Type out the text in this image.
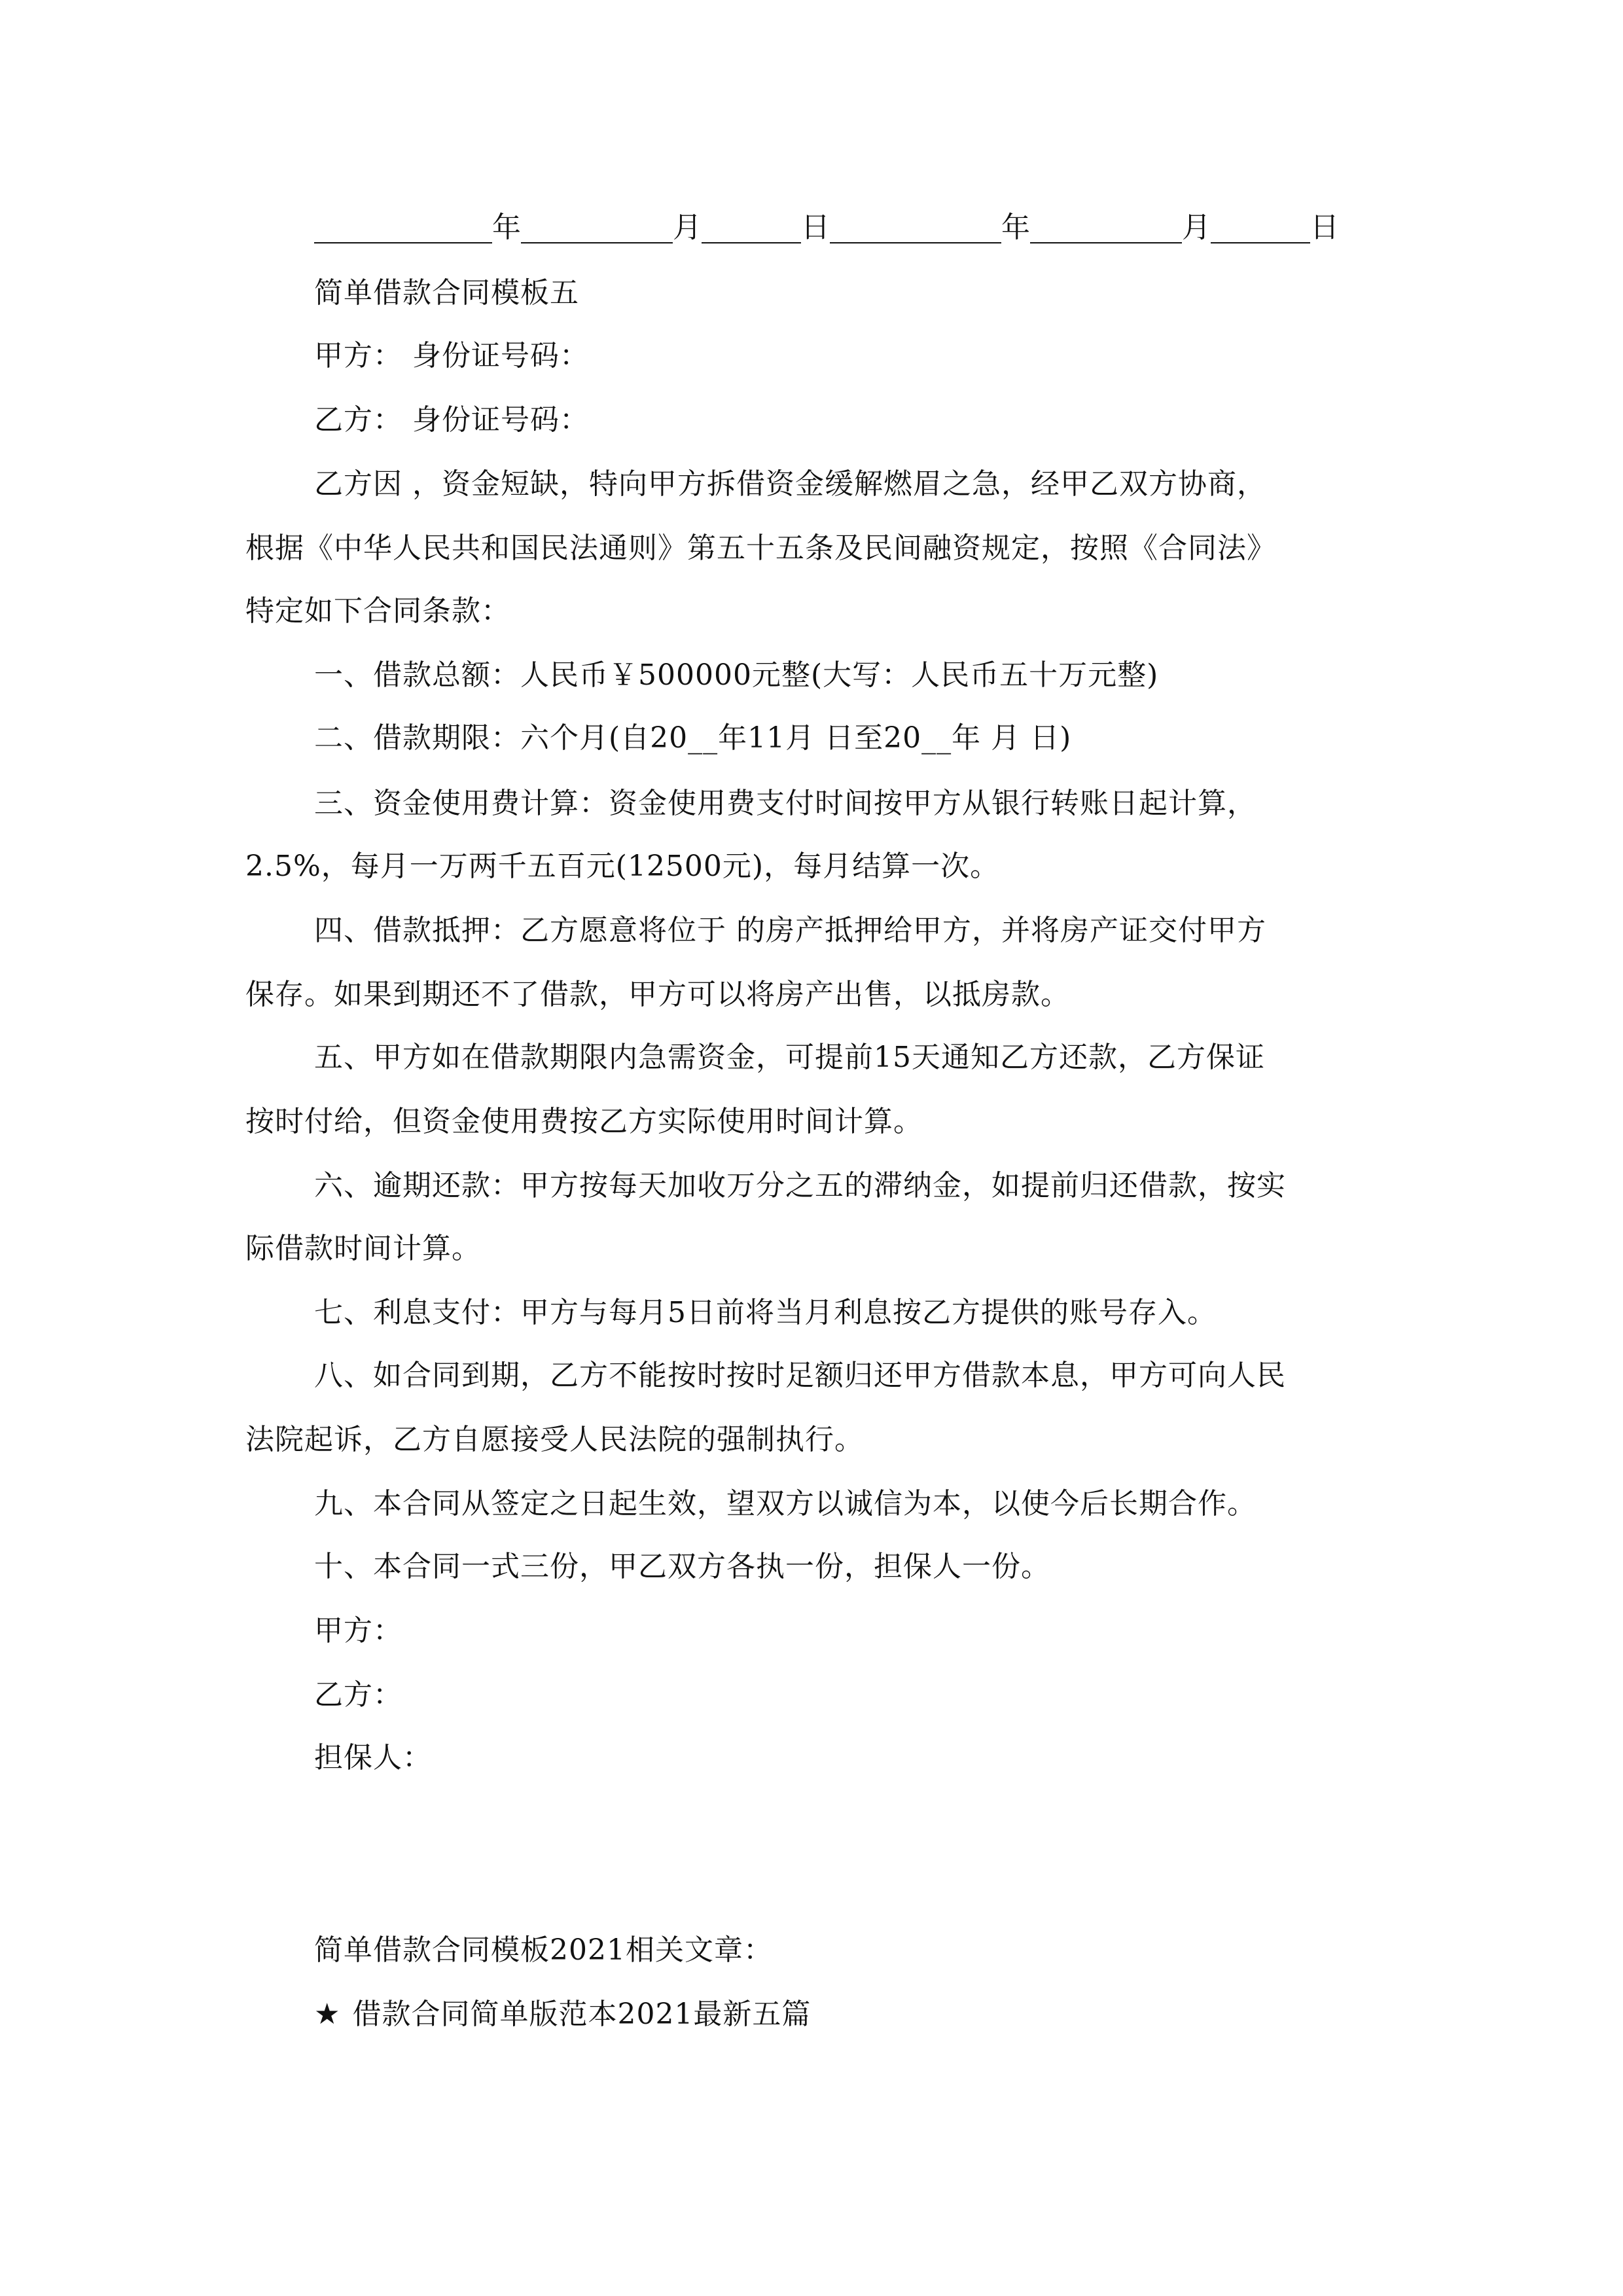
年	月	日	年	月	日
简单借款合同模板五
甲方： 身份证号码：
乙方： 身份证号码：
乙方因 ，资金短缺，特向甲方拆借资金缓解燃眉之急，经甲乙双方协商，
根据《中华人民共和国民法通则》第五十五条及民间融资规定，按照《合同法》
特定如下合同条款：
一、借款总额：人民币￥500000元整(大写：人民币五十万元整)
二、借款期限：六个月(自20__年11月 日至20__年 月 日)
三、资金使用费计算：资金使用费支付时间按甲方从银行转账日起计算，
2.5%，每月一万两千五百元(12500元)，每月结算一次。
四、借款抵押：乙方愿意将位于 的房产抵押给甲方，并将房产证交付甲方
保存。如果到期还不了借款，甲方可以将房产出售，以抵房款。
五、甲方如在借款期限内急需资金，可提前15天通知乙方还款，乙方保证
按时付给，但资金使用费按乙方实际使用时间计算。
六、逾期还款：甲方按每天加收万分之五的滞纳金，如提前归还借款，按实
际借款时间计算。
七、利息支付：甲方与每月5日前将当月利息按乙方提供的账号存入。
八、如合同到期，乙方不能按时按时足额归还甲方借款本息，甲方可向人民
法院起诉，乙方自愿接受人民法院的强制执行。
九、本合同从签定之日起生效，望双方以诚信为本，以使今后长期合作。
十、本合同一式三份，甲乙双方各执一份，担保人一份。
甲方：
乙方：
担保人：
简单借款合同模板2021相关文章：
★ 借款合同简单版范本2021最新五篇
